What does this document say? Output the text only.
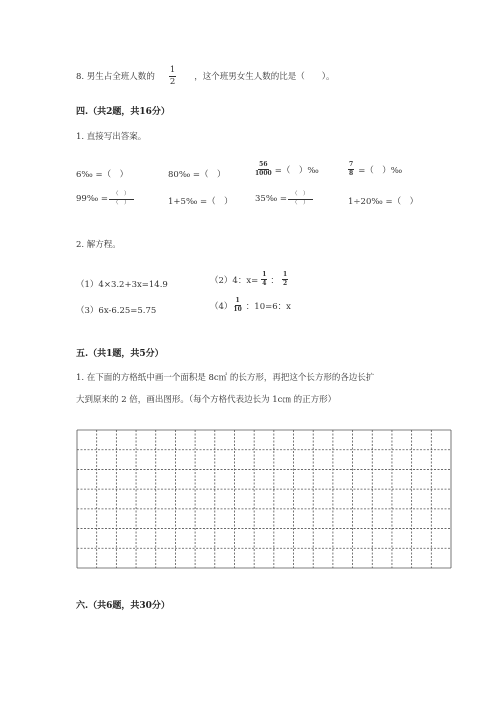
8. 男生占全班人数的 $\frac{1}{2}$ ，这个班男女生人数的比是（　　）。
四.（共2题，共16分）
1. 直接写出答案。
6‰ =（　）	80‰ =（　）	$\frac{56}{1000}$ =（　）‰	$\frac{7}{8}$ =（　）‰
99‰ = $\frac{( )}{( )}$	1+5‰ =（　）	35‰ = $\frac{( )}{( )}$	1÷20‰ =（　）
2. 解方程。
（1）4×3.2+3x=14.9	（2）4：$x= \frac{1}{4}$ ： $\frac{1}{2}$
（3）6x-6.25=5.75	$(4) \frac{1}{10}$ ：10=6：x
五.（共1题，共5分）
1. 在下面的方格纸中画一个面积是 8c㎡ 的长方形，再把这个长方形的各边长扩
大到原来的 2 倍，画出图形。（每个方格代表边长为 1c㎝ 的正方形）
六.（共6题，共30分）
